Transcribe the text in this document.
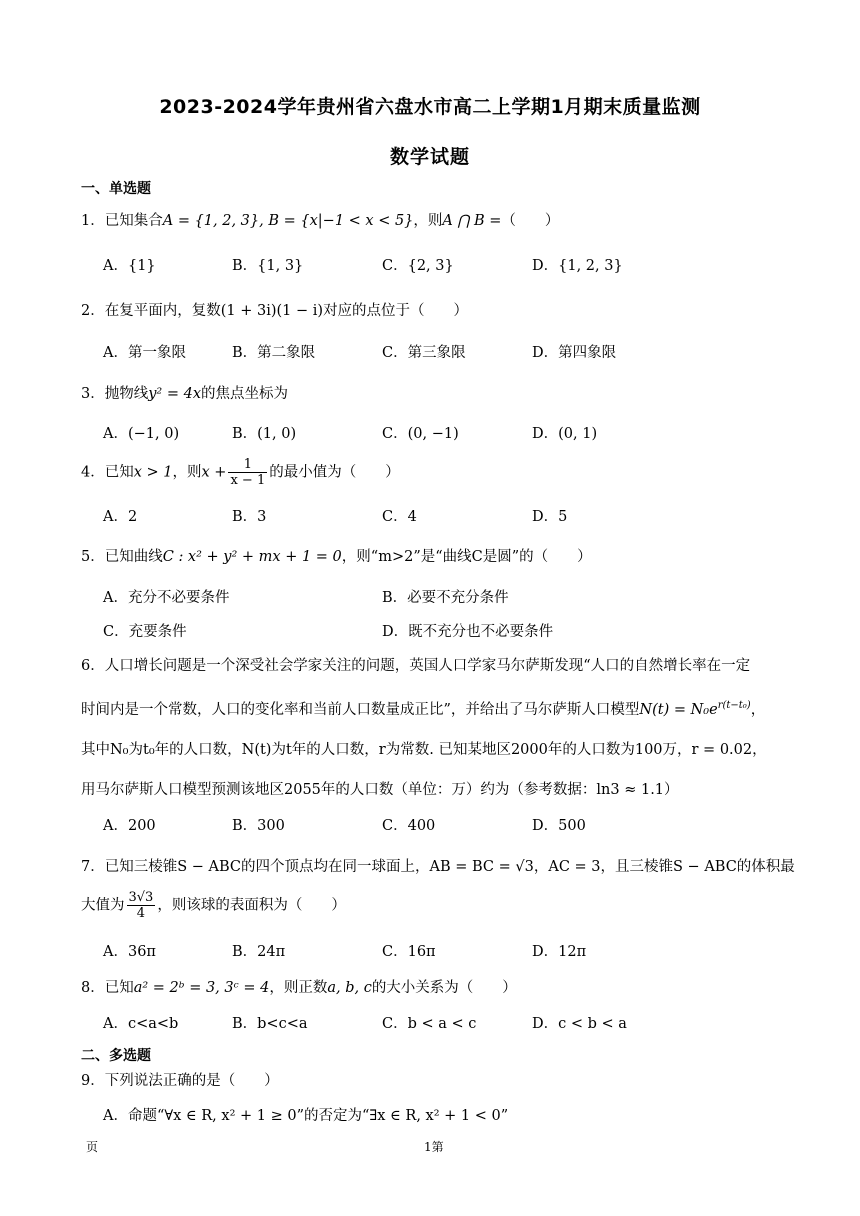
2023-2024学年贵州省六盘水市高二上学期1月期末质量监测
数学试题
一、单选题
1．已知集合A = {1, 2, 3}, B = {x|−1 < x < 5}，则A ⋂ B =（　　）
A．{1}	B．{1, 3}	C．{2, 3}	D．{1, 2, 3}
2．在复平面内，复数(1 + 3i)(1 − i)对应的点位于（　　）
A．第一象限	B．第二象限	C．第三象限	D．第四象限
3．抛物线y² = 4x的焦点坐标为
A．(−1, 0)	B．(1, 0)	C．(0, −1)	D．(0, 1)
4．已知x > 1，则$x + \frac{1}{x - 1}$ 的最小值为（　　）
A．2	B．3	C．4	D．5
5．已知曲线C : x² + y² + mx + 1 = 0，则“m>2”是“曲线C是圆”的（　　）
A．充分不必要条件	B．必要不充分条件
C．充要条件	D．既不充分也不必要条件
6．人口增长问题是一个深受社会学家关注的问题，英国人口学家马尔萨斯发现“人口的自然增长率在一定
时间内是一个常数，人口的变化率和当前人口数量成正比”，并给出了马尔萨斯人口模型$N(t) = N_0e^{r(t-t_0)}$，
其中N₀为t₀年的人口数，N(t)为t年的人口数，r为常数. 已知某地区2000年的人口数为100万，r = 0.02，
用马尔萨斯人口模型预测该地区2055年的人口数（单位：万）约为（参考数据：ln3 ≈ 1.1）
A．200	B．300	C．400	D．500
7．已知三棱锥S − ABC的四个顶点均在同一球面上，AB = BC = √3，AC = 3，且三棱锥S − ABC的体积最
大值为 $\frac{3√3}{4}$ ，则该球的表面积为（　　）
A．36π	B．24π	C．16π	D．12π
8．已知a² = 2ᵇ = 3, 3ᶜ = 4，则正数a, b, c的大小关系为（　　）
A．c<a<b	B．b<c<a	C．b < a < c	D．c < b < a
二、多选题
9．下列说法正确的是（　　）
A．命题“∀x ∈ R, x² + 1 ≥ 0”的否定为“∃x ∈ R, x² + 1 < 0”
页	1第
